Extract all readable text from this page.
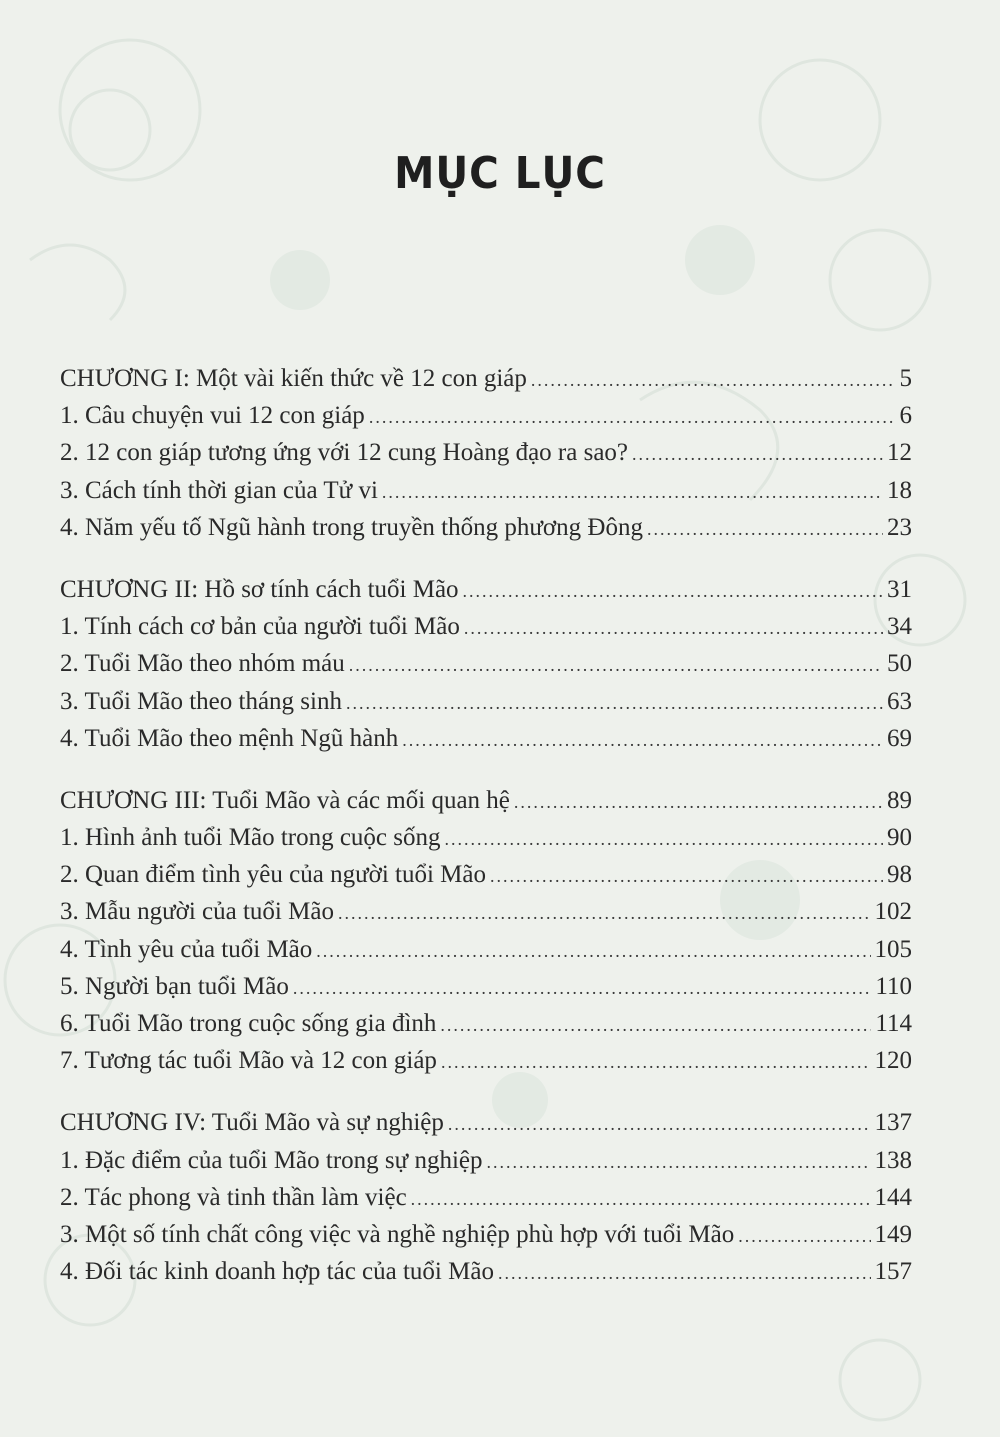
MỤC LỤC
CHƯƠNG I: Một vài kiến thức về 12 con giáp .....	5
1. Câu chuyện vui 12 con giáp .....	6
2. 12 con giáp tương ứng với 12 cung Hoàng đạo ra sao? .....	12
3. Cách tính thời gian của Tử vi .....	18
4. Năm yếu tố Ngũ hành trong truyền thống phương Đông .....	23
CHƯƠNG II: Hồ sơ tính cách tuổi Mão .....	31
1. Tính cách cơ bản của người tuổi Mão .....	34
2. Tuổi Mão theo nhóm máu .....	50
3. Tuổi Mão theo tháng sinh .....	63
4. Tuổi Mão theo mệnh Ngũ hành .....	69
CHƯƠNG III: Tuổi Mão và các mối quan hệ .....	89
1. Hình ảnh tuổi Mão trong cuộc sống .....	90
2. Quan điểm tình yêu của người tuổi Mão .....	98
3. Mẫu người của tuổi Mão .....	102
4. Tình yêu của tuổi Mão .....	105
5. Người bạn tuổi Mão .....	110
6. Tuổi Mão trong cuộc sống gia đình .....	114
7. Tương tác tuổi Mão và 12 con giáp .....	120
CHƯƠNG IV: Tuổi Mão và sự nghiệp .....	137
1. Đặc điểm của tuổi Mão trong sự nghiệp .....	138
2. Tác phong và tinh thần làm việc .....	144
3. Một số tính chất công việc và nghề nghiệp phù hợp với tuổi Mão .....	149
4. Đối tác kinh doanh hợp tác của tuổi Mão .....	157
